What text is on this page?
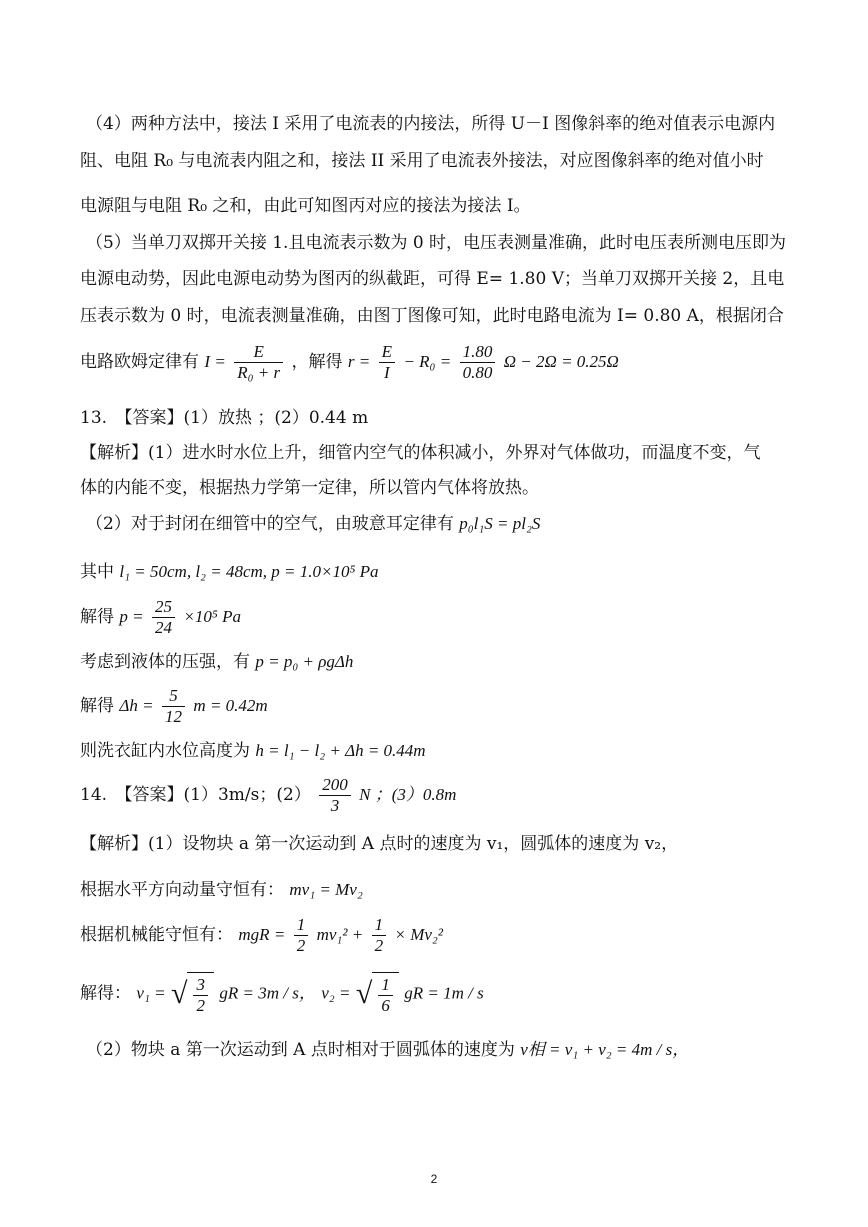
（4）两种方法中，接法 I 采用了电流表的内接法，所得 U－I 图像斜率的绝对值表示电源内
阻、电阻 R₀ 与电流表内阻之和，接法 II 采用了电流表外接法，对应图像斜率的绝对值小时
电源阻与电阻 R₀ 之和，由此可知图丙对应的接法为接法 I。
（5）当单刀双掷开关接 1.且电流表示数为 0 时，电压表测量准确，此时电压表所测电压即为
电源电动势，因此电源电动势为图丙的纵截距，可得 E= 1.80 V；当单刀双掷开关接 2，且电
压表示数为 0 时，电流表测量准确，由图丁图像可知，此时电路电流为 I= 0.80 A，根据闭合
电路欧姆定律有 $I = \frac{E}{\text{R₀ + r}}$ ，解得 $r = \frac{E}{I} - R_0 = \frac{1.80}{0.80}$ Ω − 2Ω = 0.25Ω
13.　【答案】(1）放热 ；(2）0.44 m
【解析】(1）进水时水位上升，细管内空气的体积减小，外界对气体做功，而温度不变，气
体的内能不变，根据热力学第一定律，所以管内气体将放热。
（2）对于封闭在细管中的空气，由玻意耳定律有 p₀l₁S = pl₂S
其中 l₁ = 50cm, l₂ = 48cm, p = 1.0×10⁵ Pa
解得 $p = \frac{25}{24} \times 10^5$ Pa
考虑到液体的压强，有 p = p₀ + ρgΔh
解得 $\Delta h = \frac{5}{12}$ m = 0.42m
则洗衣缸内水位高度为 h = l₁ − l₂ + Δh = 0.44m
14.　【答案】(1）3m/s；$(2) \frac{200}{3}$ N ；(3）0.8m
【解析】(1）设物块 a 第一次运动到 A 点时的速度为 v₁，圆弧体的速度为 v₂，
根据水平方向动量守恒有： mv₁ = Mv₂
根据机械能守恒有： mgR = $\frac{1}{2} mv_1^2 + \frac{1}{2} \times Mv_2^2$
解得： v₁ = √ $\frac{3}{2}$ gR = 3m / s， v₂ = √ $\frac{1}{6}$ gR = 1m / s
（2）物块 a 第一次运动到 A 点时相对于圆弧体的速度为 v相 = v₁ + v₂ = 4m / s，
2
